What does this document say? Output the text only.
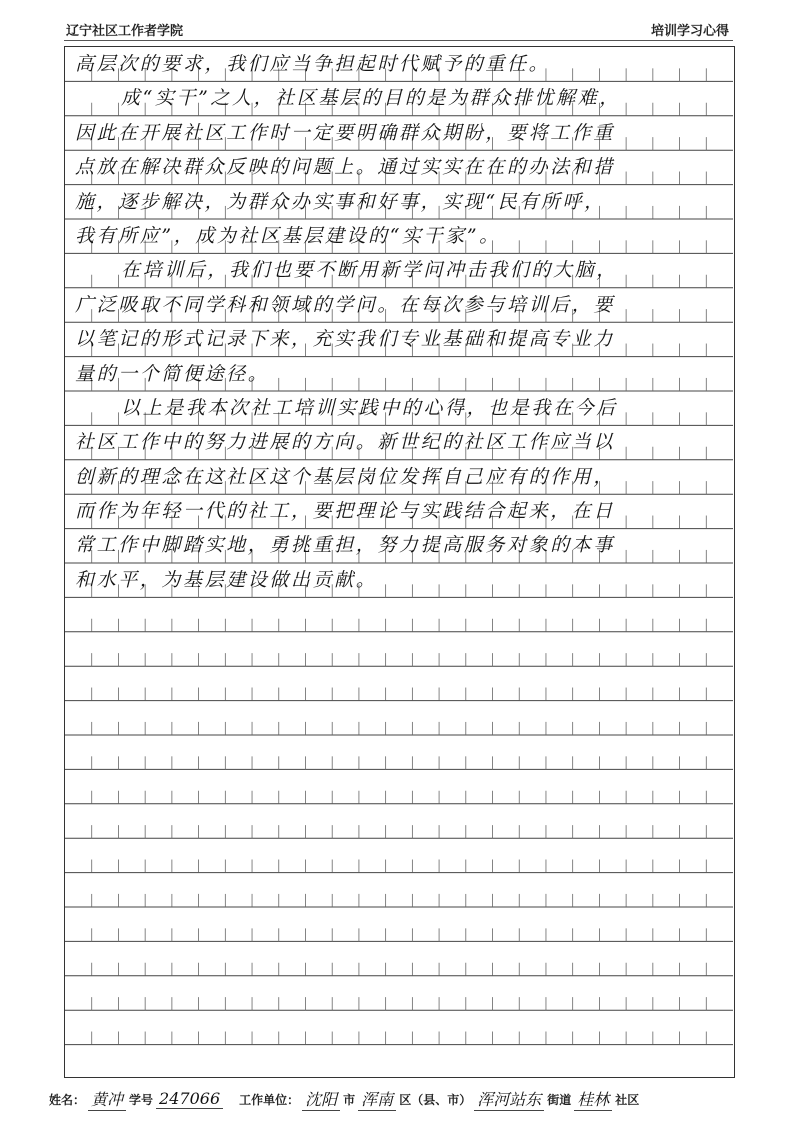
辽宁社区工作者学院	培训学习心得
高层次的要求，我们应当争担起时代赋予的重任。
成“实干”之人，社区基层的目的是为群众排忧解难，
因此在开展社区工作时一定要明确群众期盼，要将工作重
点放在解决群众反映的问题上。通过实实在在的办法和措
施，逐步解决，为群众办实事和好事，实现“民有所呼，
我有所应”，成为社区基层建设的“实干家”。
在培训后，我们也要不断用新学问冲击我们的大脑，
广泛吸取不同学科和领域的学问。在每次参与培训后，要
以笔记的形式记录下来，充实我们专业基础和提高专业力
量的一个简便途径。
以上是我本次社工培训实践中的心得，也是我在今后
社区工作中的努力进展的方向。新世纪的社区工作应当以
创新的理念在这社区这个基层岗位发挥自己应有的作用，
而作为年轻一代的社工，要把理论与实践结合起来，在日
常工作中脚踏实地，勇挑重担，努力提高服务对象的本事
和水平，为基层建设做出贡献。
姓名： 黄冲 学号 247066 工作单位： 沈阳 市 浑南 区（县、市） 浑河站东 街道 桂林 社区
